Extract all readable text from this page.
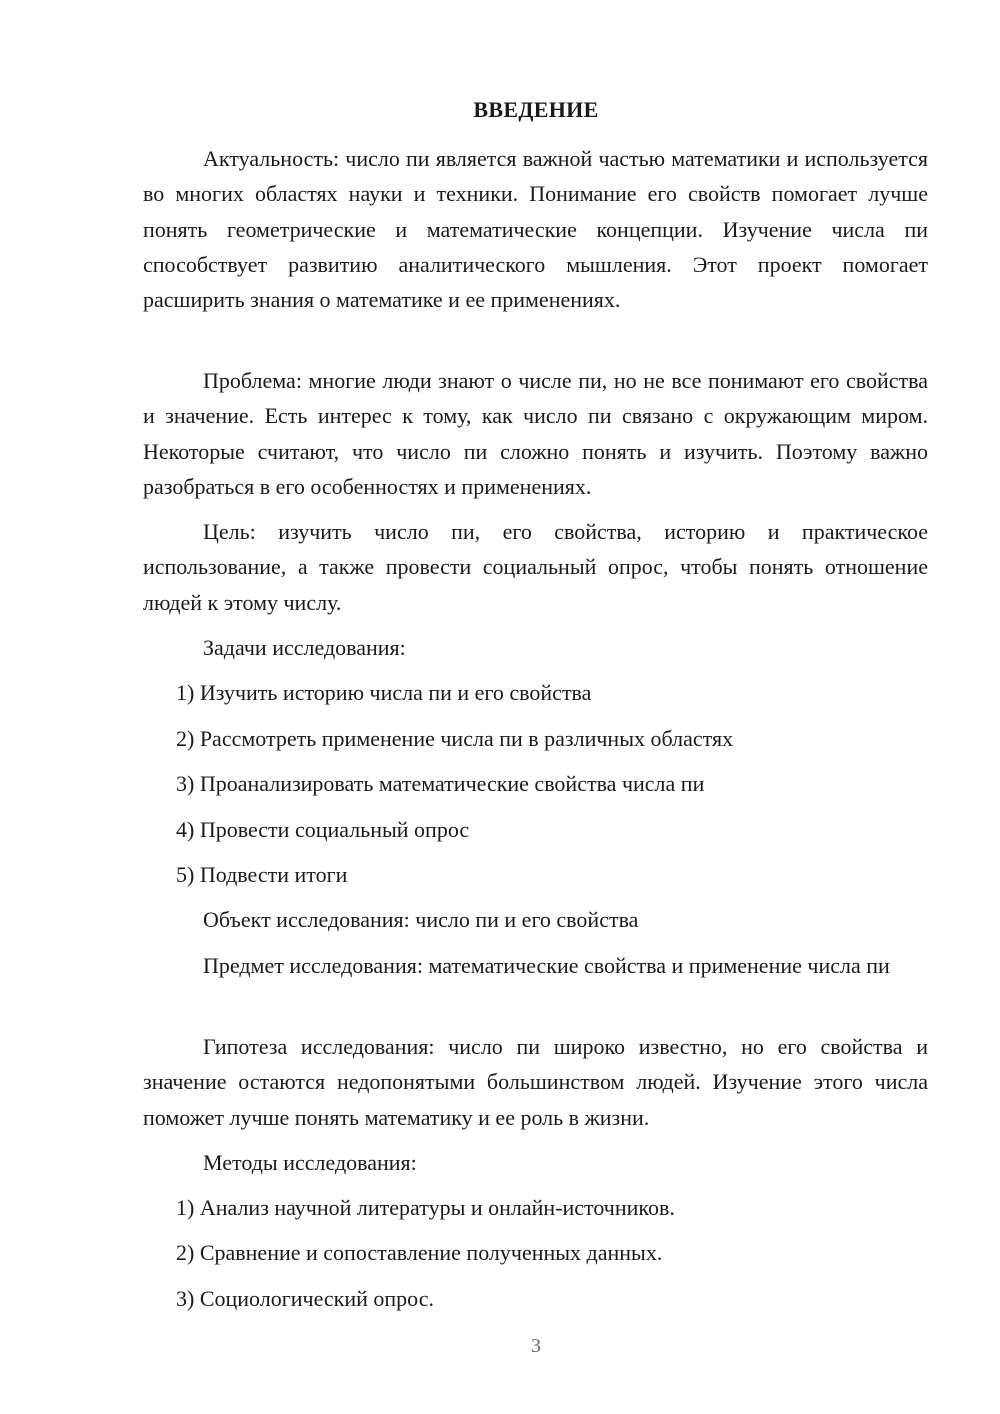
ВВЕДЕНИЕ
Актуальность: число пи является важной частью математики и используется во многих областях науки и техники. Понимание его свойств помогает лучше понять геометрические и математические концепции. Изучение числа пи способствует развитию аналитического мышления. Этот проект помогает расширить знания о математике и ее применениях.
Проблема: многие люди знают о числе пи, но не все понимают его свойства и значение. Есть интерес к тому, как число пи связано с окружающим миром. Некоторые считают, что число пи сложно понять и изучить. Поэтому важно разобраться в его особенностях и применениях.
Цель: изучить число пи, его свойства, историю и практическое использование, а также провести социальный опрос, чтобы понять отношение людей к этому числу.
Задачи исследования:
1) Изучить историю числа пи и его свойства
2) Рассмотреть применение числа пи в различных областях
3) Проанализировать математические свойства числа пи
4) Провести социальный опрос
5) Подвести итоги
Объект исследования: число пи и его свойства
Предмет исследования: математические свойства и применение числа пи
Гипотеза исследования: число пи широко известно, но его свойства и значение остаются недопонятыми большинством людей. Изучение этого числа поможет лучше понять математику и ее роль в жизни.
Методы исследования:
1) Анализ научной литературы и онлайн-источников.
2) Сравнение и сопоставление полученных данных.
3) Социологический опрос.
3
